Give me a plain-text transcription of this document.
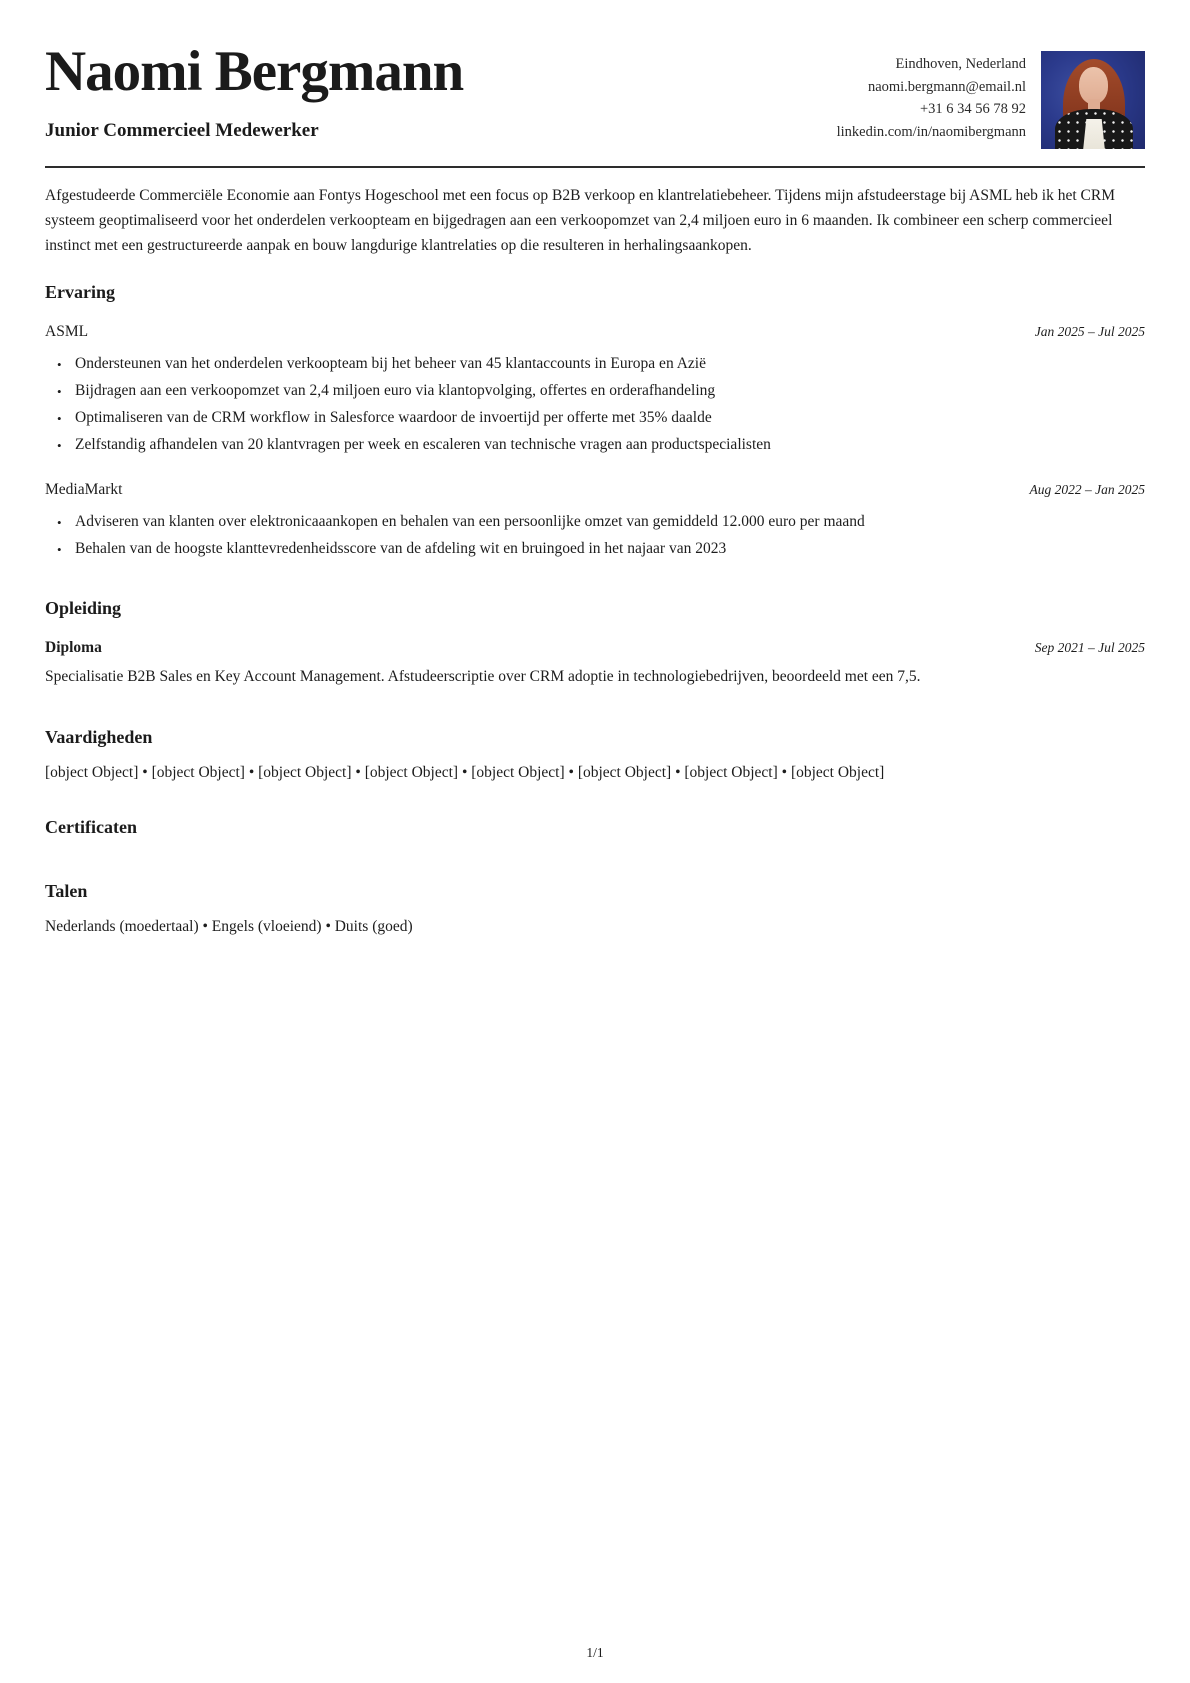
Naomi Bergmann
Junior Commercieel Medewerker
Eindhoven, Nederland
naomi.bergmann@email.nl
+31 6 34 56 78 92
linkedin.com/in/naomibergmann
Afgestudeerde Commerciële Economie aan Fontys Hogeschool met een focus op B2B verkoop en klantrelatiebeheer. Tijdens mijn afstudeerstage bij ASML heb ik het CRM systeem geoptimaliseerd voor het onderdelen verkoopteam en bijgedragen aan een verkoopomzet van 2,4 miljoen euro in 6 maanden. Ik combineer een scherp commercieel instinct met een gestructureerde aanpak en bouw langdurige klantrelaties op die resulteren in herhalingsaankopen.
Ervaring
ASML	Jan 2025 – Jul 2025
• Ondersteunen van het onderdelen verkoopteam bij het beheer van 45 klantaccounts in Europa en Azië
• Bijdragen aan een verkoopomzet van 2,4 miljoen euro via klantopvolging, offertes en orderafhandeling
• Optimaliseren van de CRM workflow in Salesforce waardoor de invoertijd per offerte met 35% daalde
• Zelfstandig afhandelen van 20 klantvragen per week en escaleren van technische vragen aan productspecialisten
MediaMarkt	Aug 2022 – Jan 2025
• Adviseren van klanten over elektronicaaankopen en behalen van een persoonlijke omzet van gemiddeld 12.000 euro per maand
• Behalen van de hoogste klanttevredenheidsscore van de afdeling wit en bruingoed in het najaar van 2023
Opleiding
Diploma	Sep 2021 – Jul 2025
Specialisatie B2B Sales en Key Account Management. Afstudeerscriptie over CRM adoptie in technologiebedrijven, beoordeeld met een 7,5.
Vaardigheden
[object Object] • [object Object] • [object Object] • [object Object] • [object Object] • [object Object] • [object Object] • [object Object]
Certificaten
Talen
Nederlands (moedertaal) • Engels (vloeiend) • Duits (goed)
1/1
